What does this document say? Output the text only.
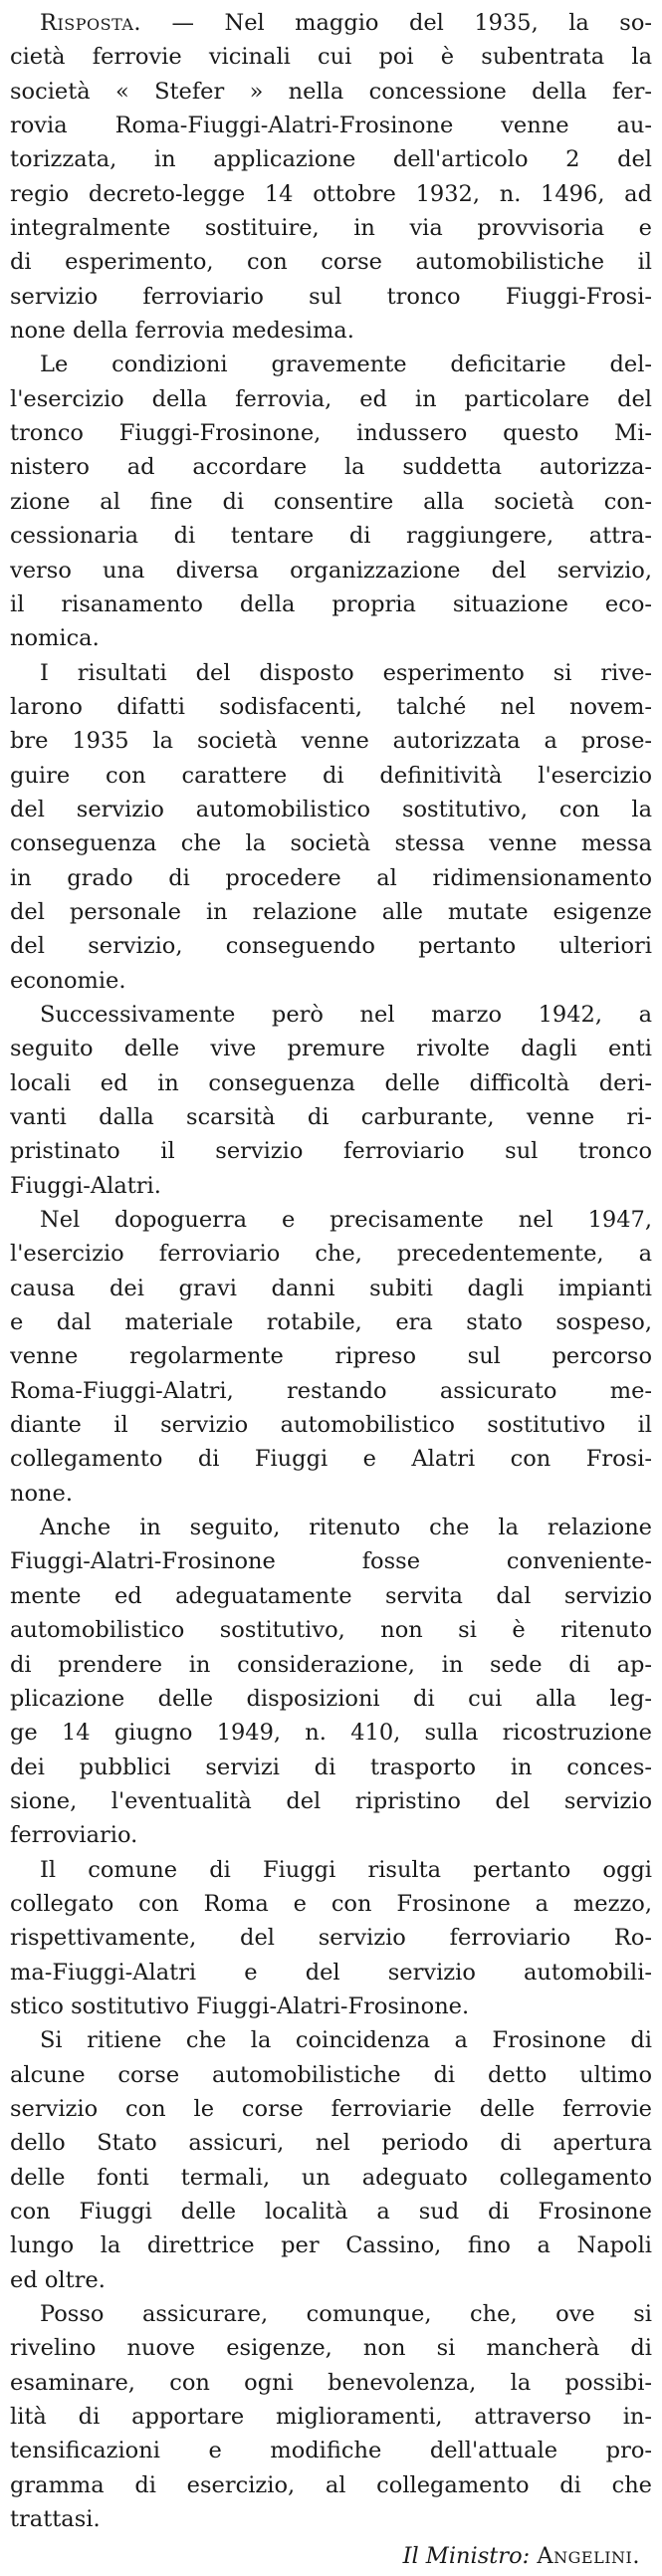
Risposta. — Nel maggio del 1935, la so-
cietà ferrovie vicinali cui poi è subentrata la
società « Stefer » nella concessione della fer-
rovia Roma-Fiuggi-Alatri-Frosinone venne au-
torizzata, in applicazione dell'articolo 2 del
regio decreto-legge 14 ottobre 1932, n. 1496, ad
integralmente sostituire, in via provvisoria e
di esperimento, con corse automobilistiche il
servizio ferroviario sul tronco Fiuggi-Frosi-
none della ferrovia medesima.
Le condizioni gravemente deficitarie del-
l'esercizio della ferrovia, ed in particolare del
tronco Fiuggi-Frosinone, indussero questo Mi-
nistero ad accordare la suddetta autorizza-
zione al fine di consentire alla società con-
cessionaria di tentare di raggiungere, attra-
verso una diversa organizzazione del servizio,
il risanamento della propria situazione eco-
nomica.
I risultati del disposto esperimento si rive-
larono difatti sodisfacenti, talché nel novem-
bre 1935 la società venne autorizzata a prose-
guire con carattere di definitività l'esercizio
del servizio automobilistico sostitutivo, con la
conseguenza che la società stessa venne messa
in grado di procedere al ridimensionamento
del personale in relazione alle mutate esigenze
del servizio, conseguendo pertanto ulteriori
economie.
Successivamente però nel marzo 1942, a
seguito delle vive premure rivolte dagli enti
locali ed in conseguenza delle difficoltà deri-
vanti dalla scarsità di carburante, venne ri-
pristinato il servizio ferroviario sul tronco
Fiuggi-Alatri.
Nel dopoguerra e precisamente nel 1947,
l'esercizio ferroviario che, precedentemente, a
causa dei gravi danni subiti dagli impianti
e dal materiale rotabile, era stato sospeso,
venne regolarmente ripreso sul percorso
Roma-Fiuggi-Alatri, restando assicurato me-
diante il servizio automobilistico sostitutivo il
collegamento di Fiuggi e Alatri con Frosi-
none.
Anche in seguito, ritenuto che la relazione
Fiuggi-Alatri-Frosinone fosse conveniente-
mente ed adeguatamente servita dal servizio
automobilistico sostitutivo, non si è ritenuto
di prendere in considerazione, in sede di ap-
plicazione delle disposizioni di cui alla leg-
ge 14 giugno 1949, n. 410, sulla ricostruzione
dei pubblici servizi di trasporto in conces-
sione, l'eventualità del ripristino del servizio
ferroviario.
Il comune di Fiuggi risulta pertanto oggi
collegato con Roma e con Frosinone a mezzo,
rispettivamente, del servizio ferroviario Ro-
ma-Fiuggi-Alatri e del servizio automobili-
stico sostitutivo Fiuggi-Alatri-Frosinone.
Si ritiene che la coincidenza a Frosinone di
alcune corse automobilistiche di detto ultimo
servizio con le corse ferroviarie delle ferrovie
dello Stato assicuri, nel periodo di apertura
delle fonti termali, un adeguato collegamento
con Fiuggi delle località a sud di Frosinone
lungo la direttrice per Cassino, fino a Napoli
ed oltre.
Posso assicurare, comunque, che, ove si
rivelino nuove esigenze, non si mancherà di
esaminare, con ogni benevolenza, la possibi-
lità di apportare miglioramenti, attraverso in-
tensificazioni e modifiche dell'attuale pro-
gramma di esercizio, al collegamento di che
trattasi.
Il Ministro: Angelini.
